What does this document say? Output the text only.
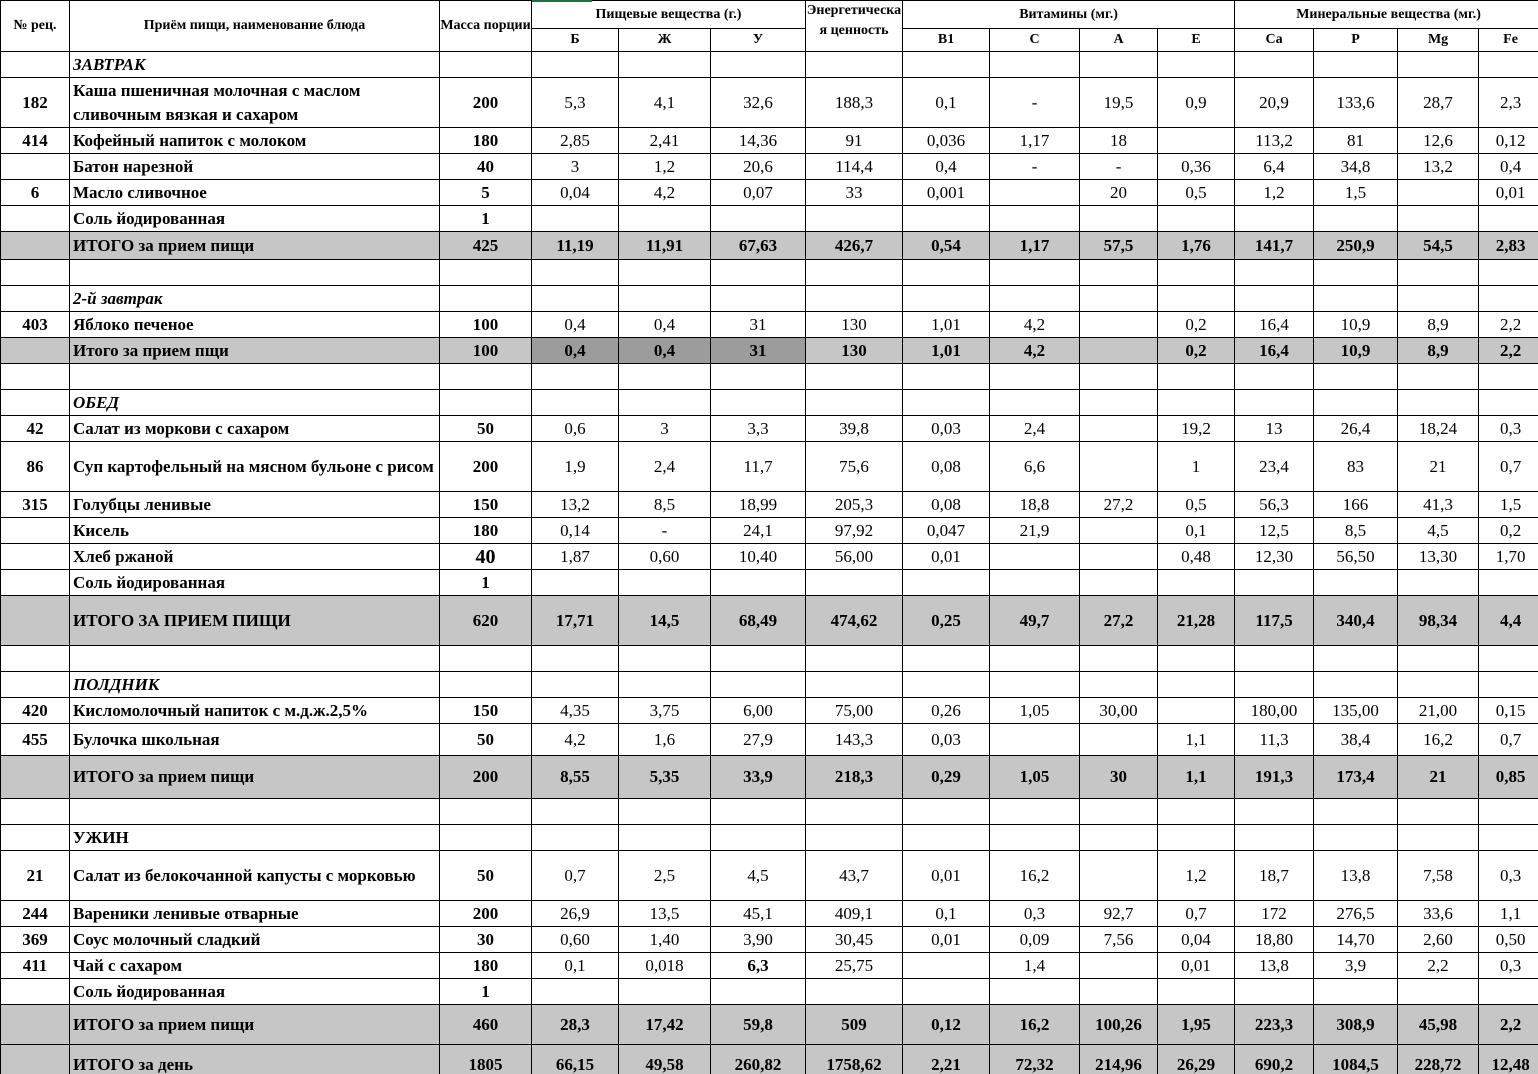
№ рец.	Приём пищи, наименование блюда	Масса порции	Пищевые вещества (г.)			Энергетическая ценность	Витамины (мг.)				Минеральные вещества (мг.)			
			Б	Ж	У		B1	C	A	E	Ca	P	Mg	Fe
	ЗАВТРАК													
182	Каша пшеничная молочная с маслом сливочным вязкая и сахаром	200	5,3	4,1	32,6	188,3	0,1	-	19,5	0,9	20,9	133,6	28,7	2,3
414	Кофейный напиток с молоком	180	2,85	2,41	14,36	91	0,036	1,17	18		113,2	81	12,6	0,12
	Батон нарезной	40	3	1,2	20,6	114,4	0,4	-	-	0,36	6,4	34,8	13,2	0,4
6	Масло сливочное	5	0,04	4,2	0,07	33	0,001		20	0,5	1,2	1,5		0,01
	Соль йодированная	1												
	ИТОГО за прием пищи	425	11,19	11,91	67,63	426,7	0,54	1,17	57,5	1,76	141,7	250,9	54,5	2,83

	2-й завтрак													
403	Яблоко печеное	100	0,4	0,4	31	130	1,01	4,2		0,2	16,4	10,9	8,9	2,2
	Итого за прием пщи	100	0,4	0,4	31	130	1,01	4,2		0,2	16,4	10,9	8,9	2,2

	ОБЕД													
42	Салат из моркови с сахаром	50	0,6	3	3,3	39,8	0,03	2,4		19,2	13	26,4	18,24	0,3
86	Суп картофельный на мясном бульоне с рисом	200	1,9	2,4	11,7	75,6	0,08	6,6		1	23,4	83	21	0,7
315	Голубцы ленивые	150	13,2	8,5	18,99	205,3	0,08	18,8	27,2	0,5	56,3	166	41,3	1,5
	Кисель	180	0,14	-	24,1	97,92	0,047	21,9		0,1	12,5	8,5	4,5	0,2
	Хлеб ржаной	40	1,87	0,60	10,40	56,00	0,01			0,48	12,30	56,50	13,30	1,70
	Соль йодированная	1												
	ИТОГО ЗА ПРИЕМ ПИЩИ	620	17,71	14,5	68,49	474,62	0,25	49,7	27,2	21,28	117,5	340,4	98,34	4,4

	ПОЛДНИК													
420	Кисломолочный напиток с м.д.ж.2,5%	150	4,35	3,75	6,00	75,00	0,26	1,05	30,00		180,00	135,00	21,00	0,15
455	Булочка школьная	50	4,2	1,6	27,9	143,3	0,03			1,1	11,3	38,4	16,2	0,7
	ИТОГО за прием пищи	200	8,55	5,35	33,9	218,3	0,29	1,05	30	1,1	191,3	173,4	21	0,85

	УЖИН													
21	Салат из белокочанной капусты с морковью	50	0,7	2,5	4,5	43,7	0,01	16,2		1,2	18,7	13,8	7,58	0,3
244	Вареники ленивые отварные	200	26,9	13,5	45,1	409,1	0,1	0,3	92,7	0,7	172	276,5	33,6	1,1
369	Соус молочный сладкий	30	0,60	1,40	3,90	30,45	0,01	0,09	7,56	0,04	18,80	14,70	2,60	0,50
411	Чай с сахаром	180	0,1	0,018	6,3	25,75		1,4		0,01	13,8	3,9	2,2	0,3
	Соль йодированная	1												
	ИТОГО за прием пищи	460	28,3	17,42	59,8	509	0,12	16,2	100,26	1,95	223,3	308,9	45,98	2,2
	ИТОГО за день	1805	66,15	49,58	260,82	1758,62	2,21	72,32	214,96	26,29	690,2	1084,5	228,72	12,48
